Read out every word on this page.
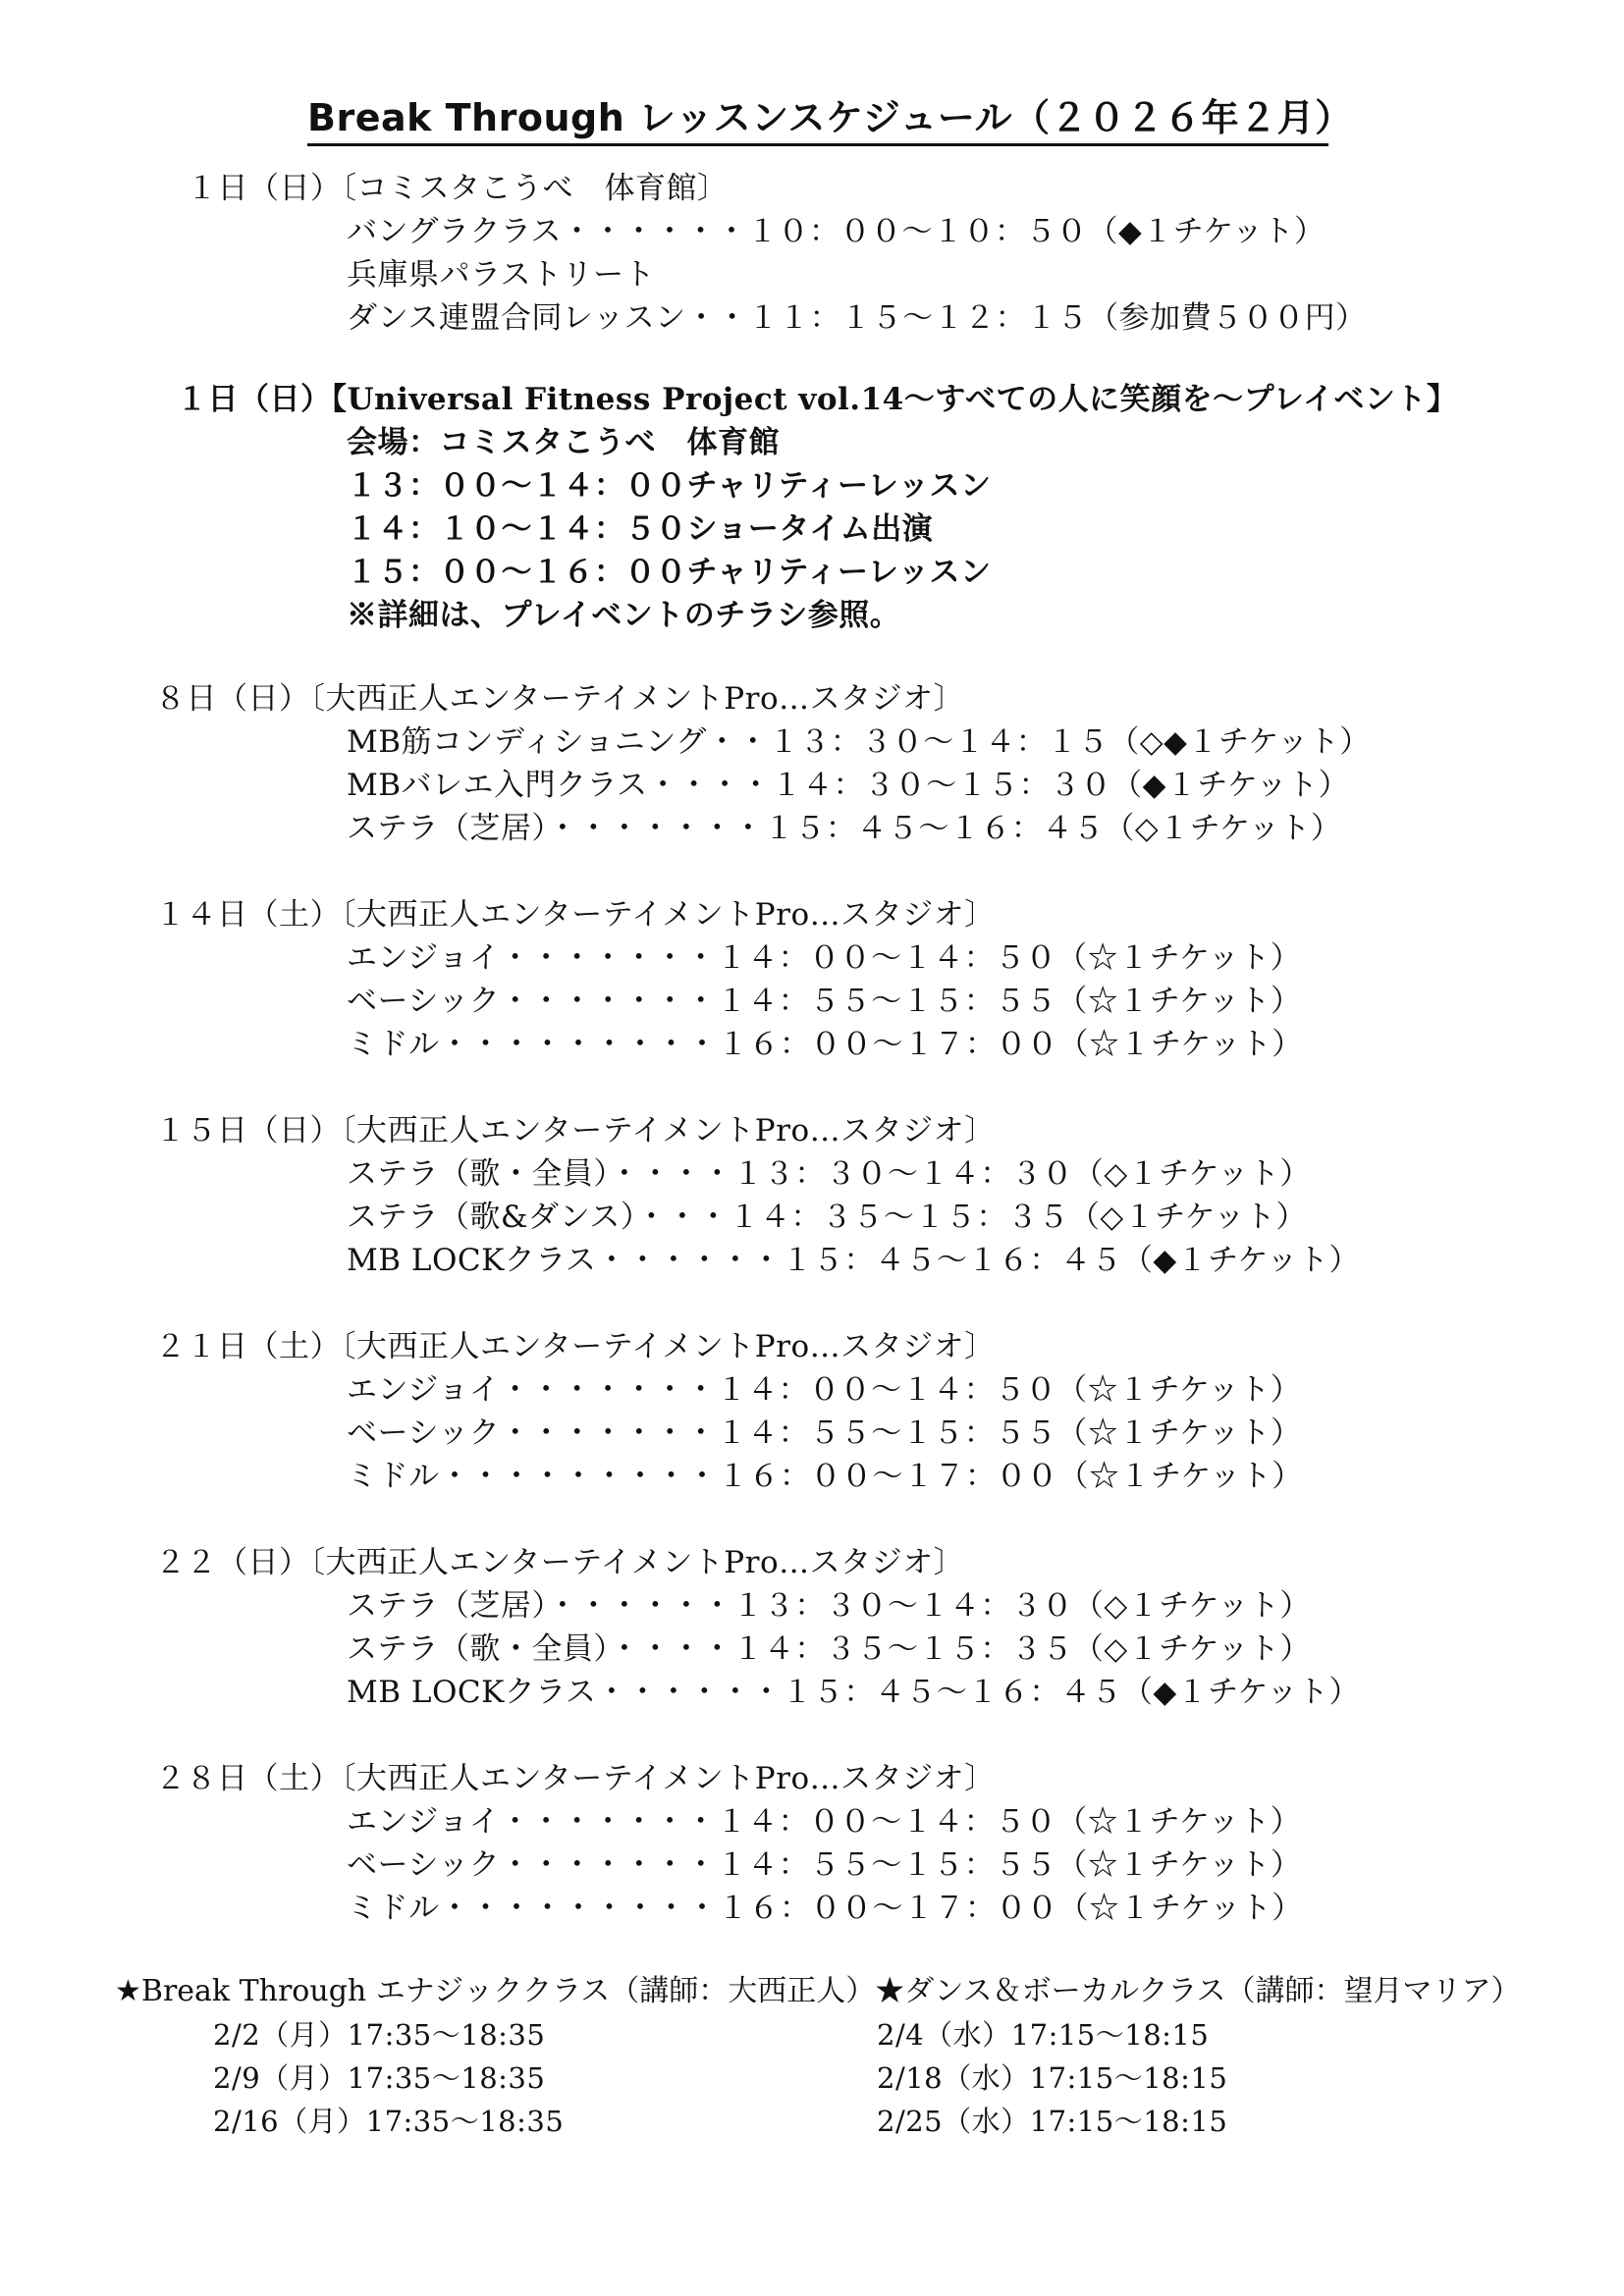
Break Through レッスンスケジュール（２０２６年２月）
１日（日）〔コミスタこうべ　体育館〕
バングラクラス・・・・・・１０：００～１０：５０（◆１チケット）
兵庫県パラストリート
ダンス連盟合同レッスン・・１１：１５～１２：１５（参加費５００円）
１日（日）【Universal Fitness Project vol.14～すべての人に笑顔を～プレイベント】
会場：コミスタこうべ　体育館
１３：００～１４：００チャリティーレッスン
１４：１０～１４：５０ショータイム出演
１５：００～１６：００チャリティーレッスン
※詳細は、プレイベントのチラシ参照。
８日（日）〔大西正人エンターテイメントPro…スタジオ〕
MB筋コンディショニング・・１３：３０～１４：１５（◇◆１チケット）
MBバレエ入門クラス・・・・１４：３０～１５：３０（◆１チケット）
ステラ（芝居）・・・・・・・１５：４５～１６：４５（◇１チケット）
１４日（土）〔大西正人エンターテイメントPro…スタジオ〕
エンジョイ・・・・・・・１４：００～１４：５０（☆１チケット）
ベーシック・・・・・・・１４：５５～１５：５５（☆１チケット）
ミドル・・・・・・・・・１６：００～１７：００（☆１チケット）
１５日（日）〔大西正人エンターテイメントPro…スタジオ〕
ステラ（歌・全員）・・・・１３：３０～１４：３０（◇１チケット）
ステラ（歌&ダンス）・・・１４：３５～１５：３５（◇１チケット）
MB LOCKクラス・・・・・・１５：４５～１６：４５（◆１チケット）
２１日（土）〔大西正人エンターテイメントPro…スタジオ〕
エンジョイ・・・・・・・１４：００～１４：５０（☆１チケット）
ベーシック・・・・・・・１４：５５～１５：５５（☆１チケット）
ミドル・・・・・・・・・１６：００～１７：００（☆１チケット）
２２（日）〔大西正人エンターテイメントPro…スタジオ〕
ステラ（芝居）・・・・・・１３：３０～１４：３０（◇１チケット）
ステラ（歌・全員）・・・・１４：３５～１５：３５（◇１チケット）
MB LOCKクラス・・・・・・１５：４５～１６：４５（◆１チケット）
２８日（土）〔大西正人エンターテイメントPro…スタジオ〕
エンジョイ・・・・・・・１４：００～１４：５０（☆１チケット）
ベーシック・・・・・・・１４：５５～１５：５５（☆１チケット）
ミドル・・・・・・・・・１６：００～１７：００（☆１チケット）
★Break Through エナジッククラス（講師：大西正人）★ダンス＆ボーカルクラス（講師：望月マリア）
2/2（月）17:35～18:35
2/9（月）17:35～18:35
2/16（月）17:35～18:35
2/4（水）17:15～18:15
2/18（水）17:15～18:15
2/25（水）17:15～18:15
